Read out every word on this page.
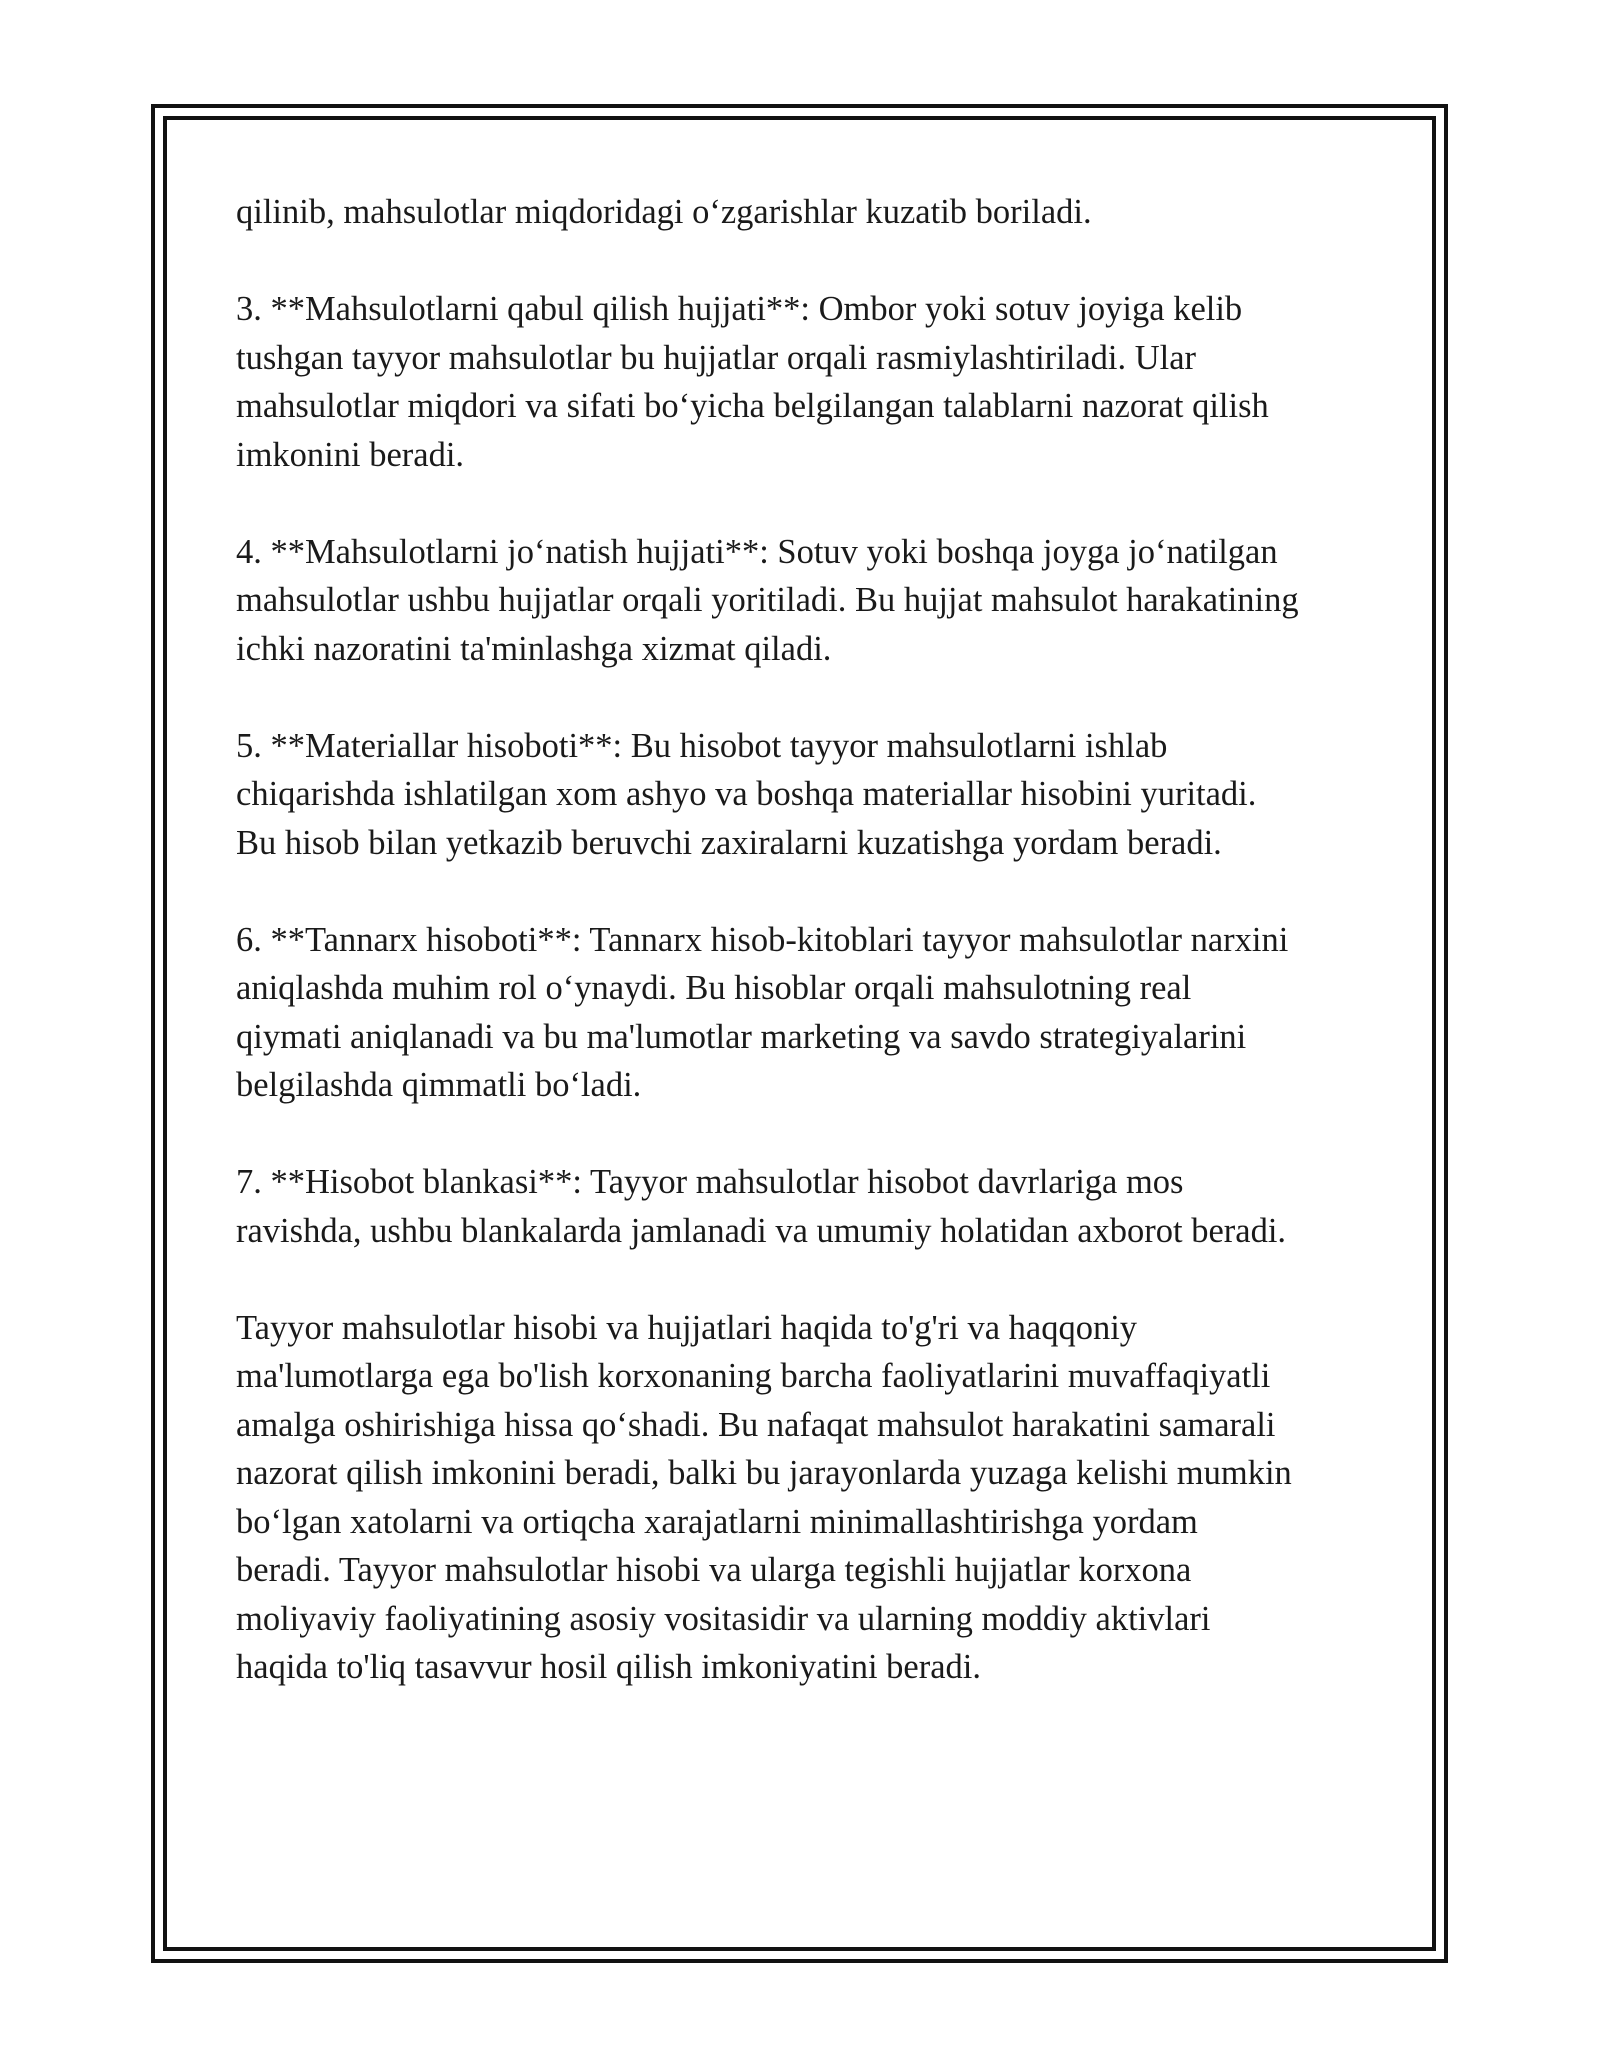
qilinib, mahsulotlar miqdoridagi oʻzgarishlar kuzatib boriladi.

3. **Mahsulotlarni qabul qilish hujjati**: Ombor yoki sotuv joyiga kelib
tushgan tayyor mahsulotlar bu hujjatlar orqali rasmiylashtiriladi. Ular
mahsulotlar miqdori va sifati boʻyicha belgilangan talablarni nazorat qilish
imkonini beradi.

4. **Mahsulotlarni joʻnatish hujjati**: Sotuv yoki boshqa joyga joʻnatilgan
mahsulotlar ushbu hujjatlar orqali yoritiladi. Bu hujjat mahsulot harakatining
ichki nazoratini ta'minlashga xizmat qiladi.

5. **Materiallar hisoboti**: Bu hisobot tayyor mahsulotlarni ishlab
chiqarishda ishlatilgan xom ashyo va boshqa materiallar hisobini yuritadi.
Bu hisob bilan yetkazib beruvchi zaxiralarni kuzatishga yordam beradi.

6. **Tannarx hisoboti**: Tannarx hisob-kitoblari tayyor mahsulotlar narxini
aniqlashda muhim rol oʻynaydi. Bu hisoblar orqali mahsulotning real
qiymati aniqlanadi va bu ma'lumotlar marketing va savdo strategiyalarini
belgilashda qimmatli boʻladi.

7. **Hisobot blankasi**: Tayyor mahsulotlar hisobot davrlariga mos
ravishda, ushbu blankalarda jamlanadi va umumiy holatidan axborot beradi.

Tayyor mahsulotlar hisobi va hujjatlari haqida to'g'ri va haqqoniy
ma'lumotlarga ega bo'lish korxonaning barcha faoliyatlarini muvaffaqiyatli
amalga oshirishiga hissa qoʻshadi. Bu nafaqat mahsulot harakatini samarali
nazorat qilish imkonini beradi, balki bu jarayonlarda yuzaga kelishi mumkin
boʻlgan xatolarni va ortiqcha xarajatlarni minimallashtirishga yordam
beradi. Tayyor mahsulotlar hisobi va ularga tegishli hujjatlar korxona
moliyaviy faoliyatining asosiy vositasidir va ularning moddiy aktivlari
haqida to'liq tasavvur hosil qilish imkoniyatini beradi.
